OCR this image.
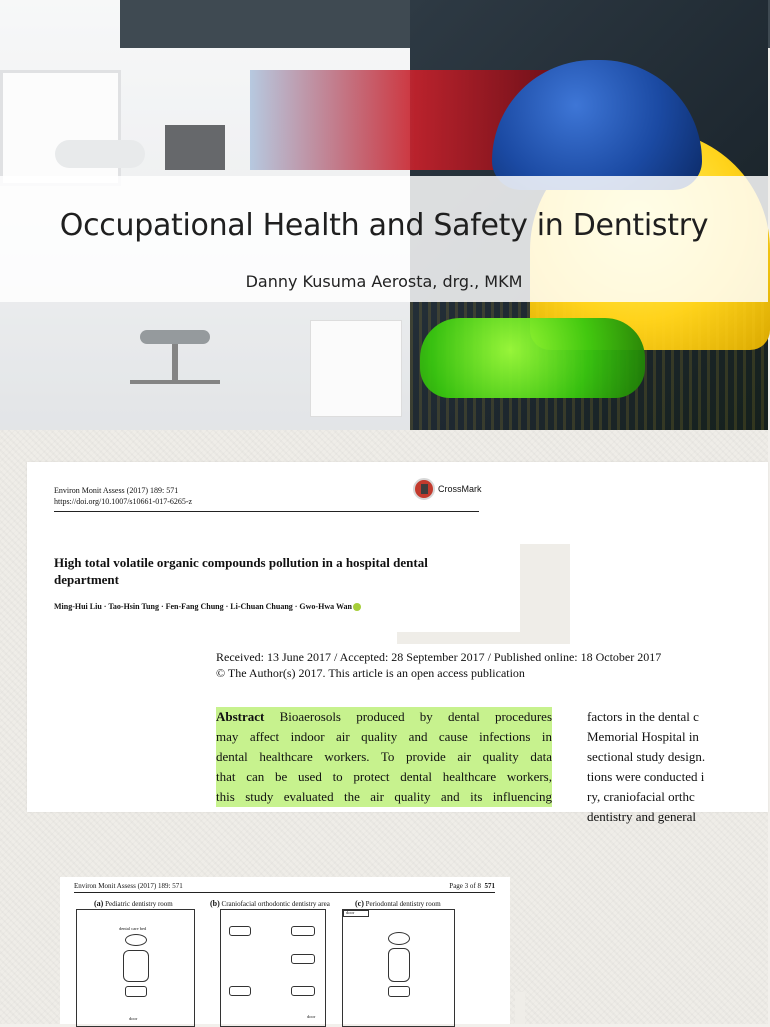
Occupational Health and Safety in Dentistry
Danny Kusuma Aerosta, drg., MKM
Environ Monit Assess (2017) 189: 571
https://doi.org/10.1007/s10661-017-6265-z
CrossMark
High total volatile organic compounds pollution in a hospital dental department
Ming-Hui Liu · Tao-Hsin Tung · Fen-Fang Chung · Li-Chuan Chuang · Gwo-Hwa Wan
Received: 13 June 2017 / Accepted: 28 September 2017 / Published online: 18 October 2017
© The Author(s) 2017. This article is an open access publication
Abstract Bioaerosols produced by dental procedures
may affect indoor air quality and cause infections in
dental healthcare workers. To provide air quality data
that can be used to protect dental healthcare workers,
this study evaluated the air quality and its influencing
factors in the dental c
Memorial Hospital in
sectional study design.
tions were conducted i
ry, craniofacial orthc
dentistry and general
Environ Monit Assess (2017) 189: 571	Page 3 of 8 571
(a) Pediatric dentistry room	(b) Craniofacial orthodontic dentistry area	(c) Periodontal dentistry room
dental care bed
door	door
door
